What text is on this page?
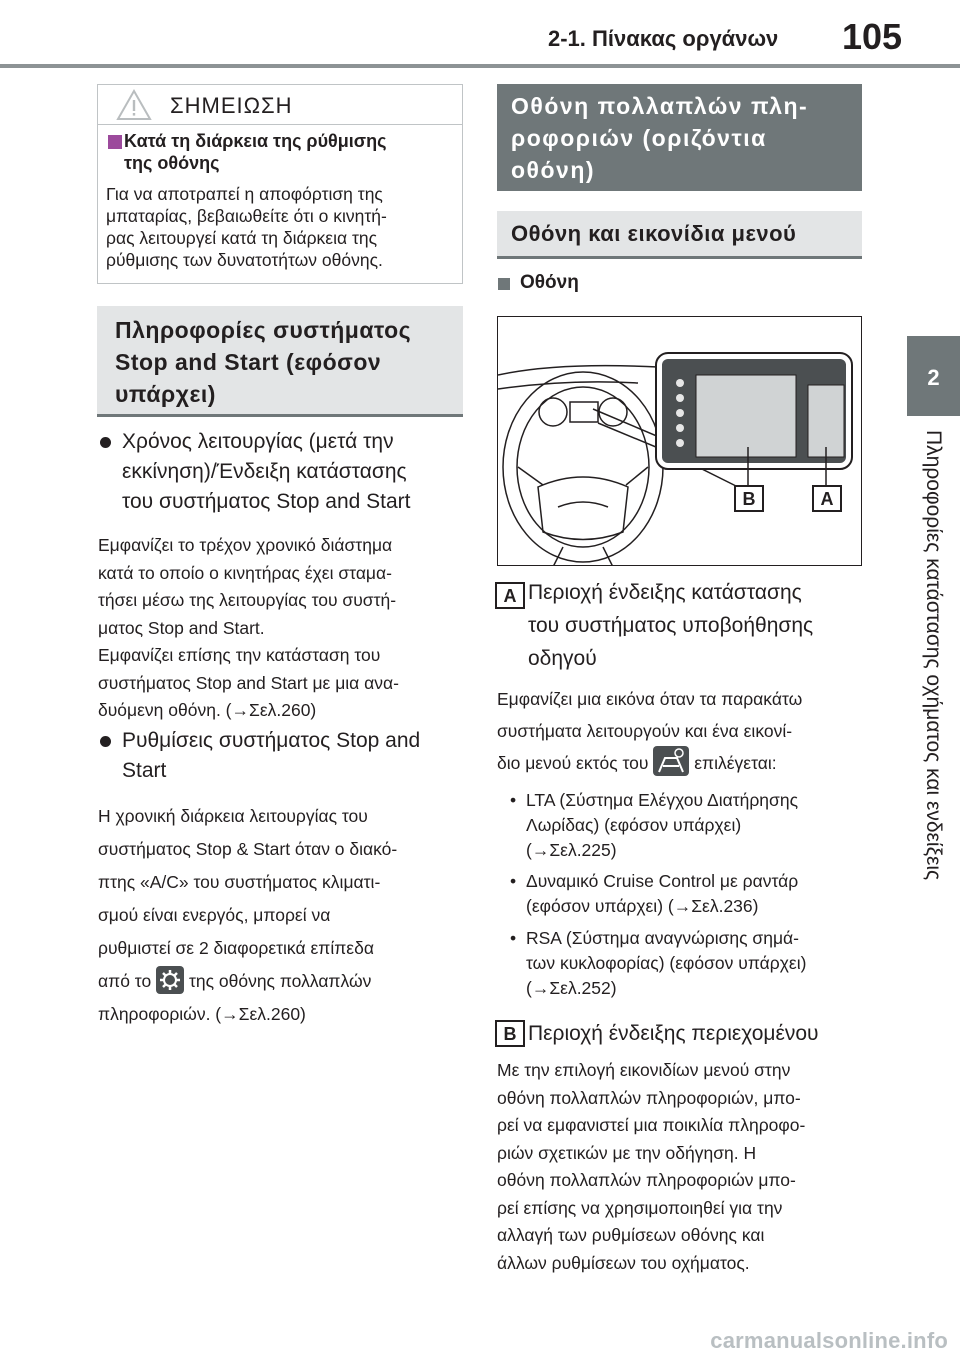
2-1. Πίνακας οργάνων 105
2
Πληροφορίες κατάστασης οχήματος και ενδείξεις
ΣΗΜΕΙΩΣΗ
Κατά τη διάρκεια της ρύθμισης
της οθόνης
Για να αποτραπεί η αποφόρτιση της
μπαταρίας, βεβαιωθείτε ότι ο κινητή-
ρας λειτουργεί κατά τη διάρκεια της
ρύθμισης των δυνατοτήτων οθόνης.
Πληροφορίες συστήματος
Stop and Start (εφόσον
υπάρχει)
Χρόνος λειτουργίας (μετά την
εκκίνηση)/Ένδειξη κατάστασης
του συστήματος Stop and Start
Εμφανίζει το τρέχον χρονικό διάστημα
κατά το οποίο ο κινητήρας έχει σταμα-
τήσει μέσω της λειτουργίας του συστή-
ματος Stop and Start.
Εμφανίζει επίσης την κατάσταση του
συστήματος Stop and Start με μια ανα-
δυόμενη οθόνη. (→Σελ.260)
Ρυθμίσεις συστήματος Stop and
Start
Η χρονική διάρκεια λειτουργίας του
συστήματος Stop & Start όταν ο διακό-
πτης «A/C» του συστήματος κλιματι-
σμού είναι ενεργός, μπορεί να
ρυθμιστεί σε 2 διαφορετικά επίπεδα
από το της οθόνης πολλαπλών
πληροφοριών. (→Σελ.260)
Οθόνη πολλαπλών πλη-
ροφοριών (οριζόντια
οθόνη)
Οθόνη και εικονίδια μενού
Οθόνη
B	A
A Περιοχή ένδειξης κατάστασης
του συστήματος υποβοήθησης
οδηγού
Εμφανίζει μια εικόνα όταν τα παρακάτω
συστήματα λειτουργούν και ένα εικονί-
διο μενού εκτός του	επιλέγεται:
• LTA (Σύστημα Ελέγχου Διατήρησης
Λωρίδας) (εφόσον υπάρχει)
(→Σελ.225)
• Δυναμικό Cruise Control με ραντάρ
(εφόσον υπάρχει) (→Σελ.236)
• RSA (Σύστημα αναγνώρισης σημά-
των κυκλοφορίας) (εφόσον υπάρχει)
(→Σελ.252)
B Περιοχή ένδειξης περιεχομένου
Με την επιλογή εικονιδίων μενού στην
οθόνη πολλαπλών πληροφοριών, μπο-
ρεί να εμφανιστεί μια ποικιλία πληροφο-
ριών σχετικών με την οδήγηση. Η
οθόνη πολλαπλών πληροφοριών μπο-
ρεί επίσης να χρησιμοποιηθεί για την
αλλαγή των ρυθμίσεων οθόνης και
άλλων ρυθμίσεων του οχήματος.
carmanualsonline.info
